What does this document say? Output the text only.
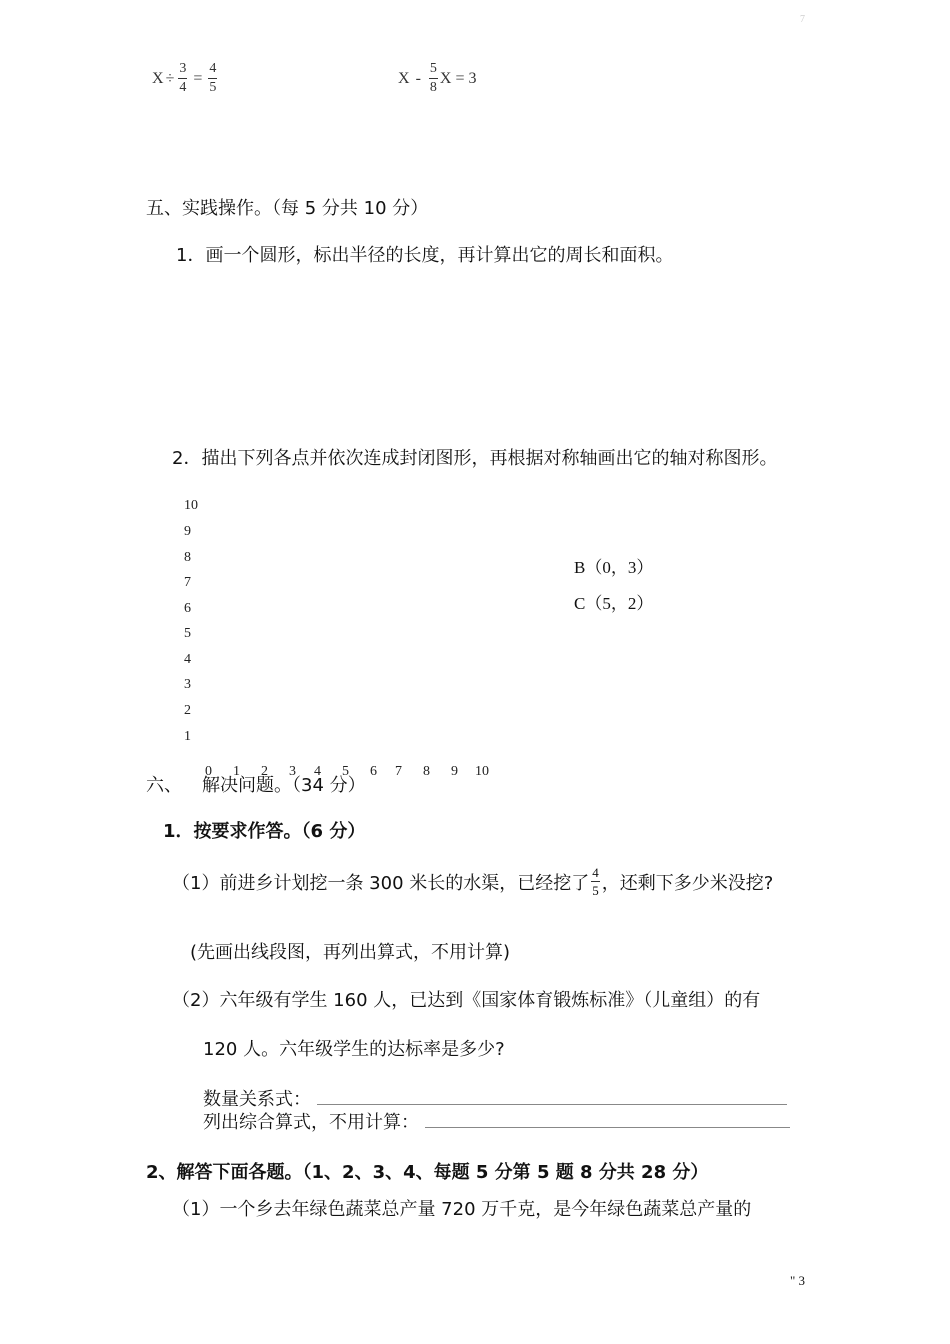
7
$X \div \frac{3}{4} = \frac{4}{5}$	X - $\frac{5}{8}$ X = 3
五、实践操作。（每 5 分共 10 分）
1．画一个圆形，标出半径的长度，再计算出它的周长和面积。
2．描出下列各点并依次连成封闭图形，再根据对称轴画出它的轴对称图形。
10
9
8
7
6
5
4
3
2
1
0 1 2 3 4 5 6 7 8 9 10
B（0，3）
C（5，2）
六、 解决问题。（34 分）
1．按要求作答。（6 分）
（1）前进乡计划挖一条 300 米长的水渠，已经挖了 $\frac{4}{5}$ ，还剩下多少米没挖?
(先画出线段图，再列出算式，不用计算)
（2）六年级有学生 160 人，已达到《国家体育锻炼标准》（儿童组）的有
120 人。六年级学生的达标率是多少?
数量关系式：
列出综合算式，不用计算：
2、解答下面各题。（1、2、3、4、每题 5 分第 5 题 8 分共 28 分）
（1）一个乡去年绿色蔬菜总产量 720 万千克，是今年绿色蔬菜总产量的
" 3
